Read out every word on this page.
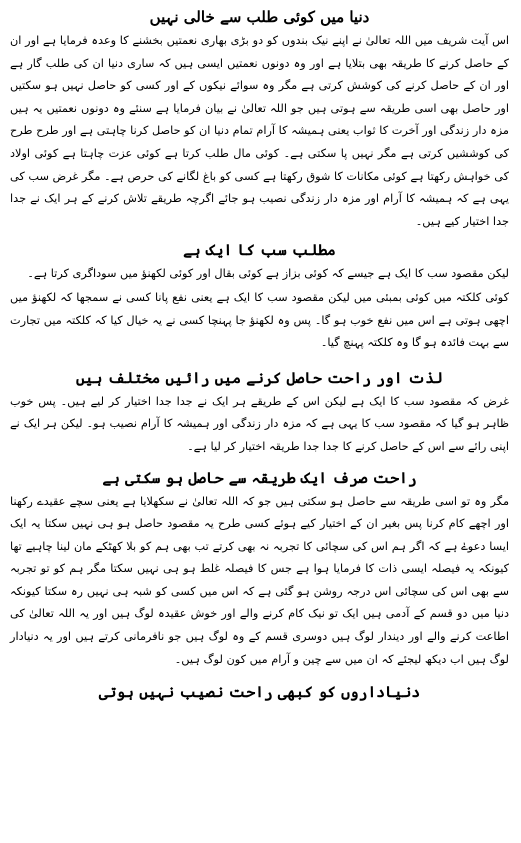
دنیا میں کوئی طلب سے خالی نہیں

اس آیت شریف میں اللہ تعالیٰ نے اپنے نیک بندوں کو دو بڑی بھاری نعمتیں بخشنے کا وعدہ فرمایا ہے اور ان کے حاصل کرنے کا طریقہ بھی بتلایا ہے اور وہ دونوں نعمتیں ایسی ہیں کہ ساری دنیا ان کی طلب گار ہے اور ان کے حاصل کرنے کی کوشش کرتی ہے مگر وہ سوائے نیکوں کے اور کسی کو حاصل نہیں ہو سکتیں اور حاصل بھی اسی طریقہ سے ہوتی ہیں جو اللہ تعالیٰ نے بیان فرمایا ہے سنئے وہ دونوں نعمتیں یہ ہیں مزہ دار زندگی اور آخرت کا ثواب یعنی ہمیشہ کا آرام تمام دنیا ان کو حاصل کرنا چاہتی ہے اور طرح طرح کی کوششیں کرتی ہے مگر نہیں پا سکتی ہے۔ کوئی مال طلب کرتا ہے کوئی عزت چاہتا ہے کوئی اولاد کی خواہش رکھتا ہے کوئی مکانات کا شوق رکھتا ہے کسی کو باغ لگانے کی حرص ہے۔ مگر غرض سب کی یہی ہے کہ ہمیشہ کا آرام اور مزہ دار زندگی نصیب ہو جائے اگرچہ طریقے تلاش کرنے کے ہر ایک نے جدا جدا اختیار کیے ہیں۔

مطلب سب کا ایک ہے

لیکن مقصود سب کا ایک ہے جیسے کہ کوئی بزاز ہے کوئی بقال اور کوئی لکھنؤ میں سوداگری کرتا ہے۔

کوئی کلکتہ میں کوئی بمبئی میں لیکن مقصود سب کا ایک ہے یعنی نفع پانا کسی نے سمجھا کہ لکھنؤ میں اچھی ہوتی ہے اس میں نفع خوب ہو گا۔ پس وہ لکھنؤ جا پہنچا کسی نے یہ خیال کیا کہ کلکتہ میں تجارت سے بہت فائدہ ہو گا وہ کلکتہ پہنچ گیا۔

لذت اور راحت حاصل کرنے میں رائیں مختلف ہیں

غرض کہ مقصود سب کا ایک ہے لیکن اس کے طریقے ہر ایک نے جدا جدا اختیار کر لیے ہیں۔ پس خوب ظاہر ہو گیا کہ مقصود سب کا یہی ہے کہ مزہ دار زندگی اور ہمیشہ کا آرام نصیب ہو۔ لیکن ہر ایک نے اپنی رائے سے اس کے حاصل کرنے کا جدا جدا طریقہ اختیار کر لیا ہے۔

راحت صرف ایک طریقہ سے حاصل ہو سکتی ہے

مگر وہ تو اسی طریقہ سے حاصل ہو سکتی ہیں جو کہ اللہ تعالیٰ نے سکھلایا ہے یعنی سچے عقیدے رکھنا اور اچھے کام کرنا پس بغیر ان کے اختیار کیے ہوئے کسی طرح یہ مقصود حاصل ہو ہی نہیں سکتا یہ ایک ایسا دعوےٰ ہے کہ اگر ہم اس کی سچائی کا تجربہ نہ بھی کرتے تب بھی ہم کو بلا کھٹکے مان لینا چاہیے تھا کیونکہ یہ فیصلہ ایسی ذات کا فرمایا ہوا ہے جس کا فیصلہ غلط ہو ہی نہیں سکتا مگر ہم کو تو تجربہ سے بھی اس کی سچائی اس درجہ روشن ہو گئی ہے کہ اس میں کسی کو شبہ ہی نہیں رہ سکتا کیونکہ دنیا میں دو قسم کے آدمی ہیں ایک تو نیک کام کرنے والے اور خوش عقیدہ لوگ ہیں اور یہ اللہ تعالیٰ کی اطاعت کرنے والے اور دیندار لوگ ہیں دوسری قسم کے وہ لوگ ہیں جو نافرمانی کرتے ہیں اور یہ دنیادار لوگ ہیں اب دیکھ لیجئے کہ ان میں سے چین و آرام میں کون لوگ ہیں۔

دنیاداروں کو کبھی راحت نصیب نہیں ہوتی
